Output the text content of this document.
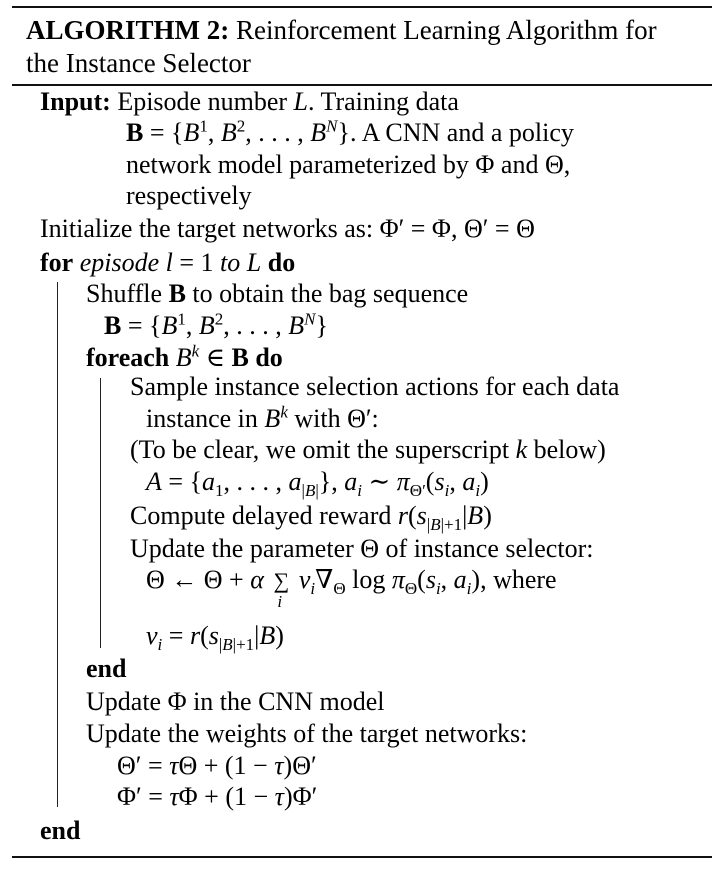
ALGORITHM 2: Reinforcement Learning Algorithm for the Instance Selector
Input: Episode number L. Training data
$B = \{B^1$, $B^2$, . . . , $B^N$}. A CNN and a policy
network model parameterized by Φ and Θ,
respectively
Initialize the target networks as: Φ′ = Φ, Θ′ = Θ
for episode l = 1 to L do
Shuffle B to obtain the bag sequence
$B = \{B^1$, $B^2$, . . . , $B^N$}
foreach $B^k$ ∈ B do
Sample instance selection actions for each data
instance in $B^k$ with Θ′:
(To be clear, we omit the superscript k below)
$A = \{a_1$, . . . , $a_{|B|}$}, $a_i$ ∼ $\pi_{\Theta'}(s_i$, $a_i$)
Compute delayed reward $r(s_{|B|+1}|B)$
Update the parameter Θ of instance selector:
Θ ← Θ + α ∑
i
$v_i\nabla_\Theta$ $\log \pi_\Theta(s_i$, $a_i$), where
$v_i = r(s_{|B|+1}|B)$
end
Update Φ in the CNN model
Update the weights of the target networks:
Θ′ = τΘ + (1 − τ)Θ′
Φ′ = τΦ + (1 − τ)Φ′
end
